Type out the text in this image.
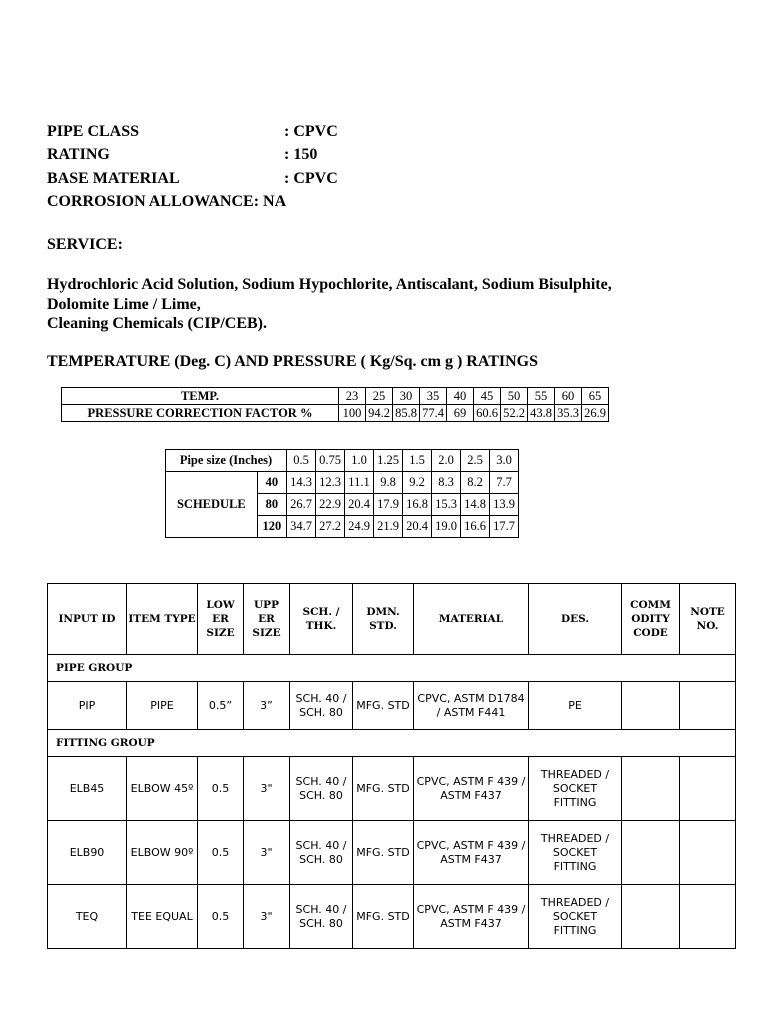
PIPE CLASS	: CPVC
RATING	: 150
BASE MATERIAL	: CPVC
CORROSION ALLOWANCE: NA
SERVICE:
Hydrochloric Acid Solution, Sodium Hypochlorite, Antiscalant, Sodium Bisulphite,
Dolomite Lime / Lime,
Cleaning Chemicals (CIP/CEB).
TEMPERATURE (Deg. C) AND PRESSURE ( Kg/Sq. cm g ) RATINGS
TEMP.	23	25	30	35	40	45	50	55	60	65
PRESSURE CORRECTION FACTOR %	100	94.2	85.8	77.4	69	60.6	52.2	43.8	35.3	26.9
Pipe size (Inches)		0.5	0.75	1.0	1.25	1.5	2.0	2.5	3.0
SCHEDULE	40	14.3	12.3	11.1	9.8	9.2	8.3	8.2	7.7
	80	26.7	22.9	20.4	17.9	16.8	15.3	14.8	13.9
	120	34.7	27.2	24.9	21.9	20.4	19.0	16.6	17.7
INPUT ID	ITEM TYPE	LOW ER SIZE	UPP ER SIZE	SCH. / THK.	DMN. STD.	MATERIAL	DES.	COMM ODITY CODE	NOTE NO.
PIPE GROUP									
PIP	PIPE	0.5”	3”	SCH. 40 / SCH. 80	MFG. STD	CPVC, ASTM D1784 / ASTM F441	PE		
FITTING GROUP									
ELB45	ELBOW 45º	0.5	3"	SCH. 40 / SCH. 80	MFG. STD	CPVC, ASTM F 439 / ASTM F437	THREADED / SOCKET FITTING		
ELB90	ELBOW 90º	0.5	3"	SCH. 40 / SCH. 80	MFG. STD	CPVC, ASTM F 439 / ASTM F437	THREADED / SOCKET FITTING		
TEQ	TEE EQUAL	0.5	3"	SCH. 40 / SCH. 80	MFG. STD	CPVC, ASTM F 439 / ASTM F437	THREADED / SOCKET FITTING		
